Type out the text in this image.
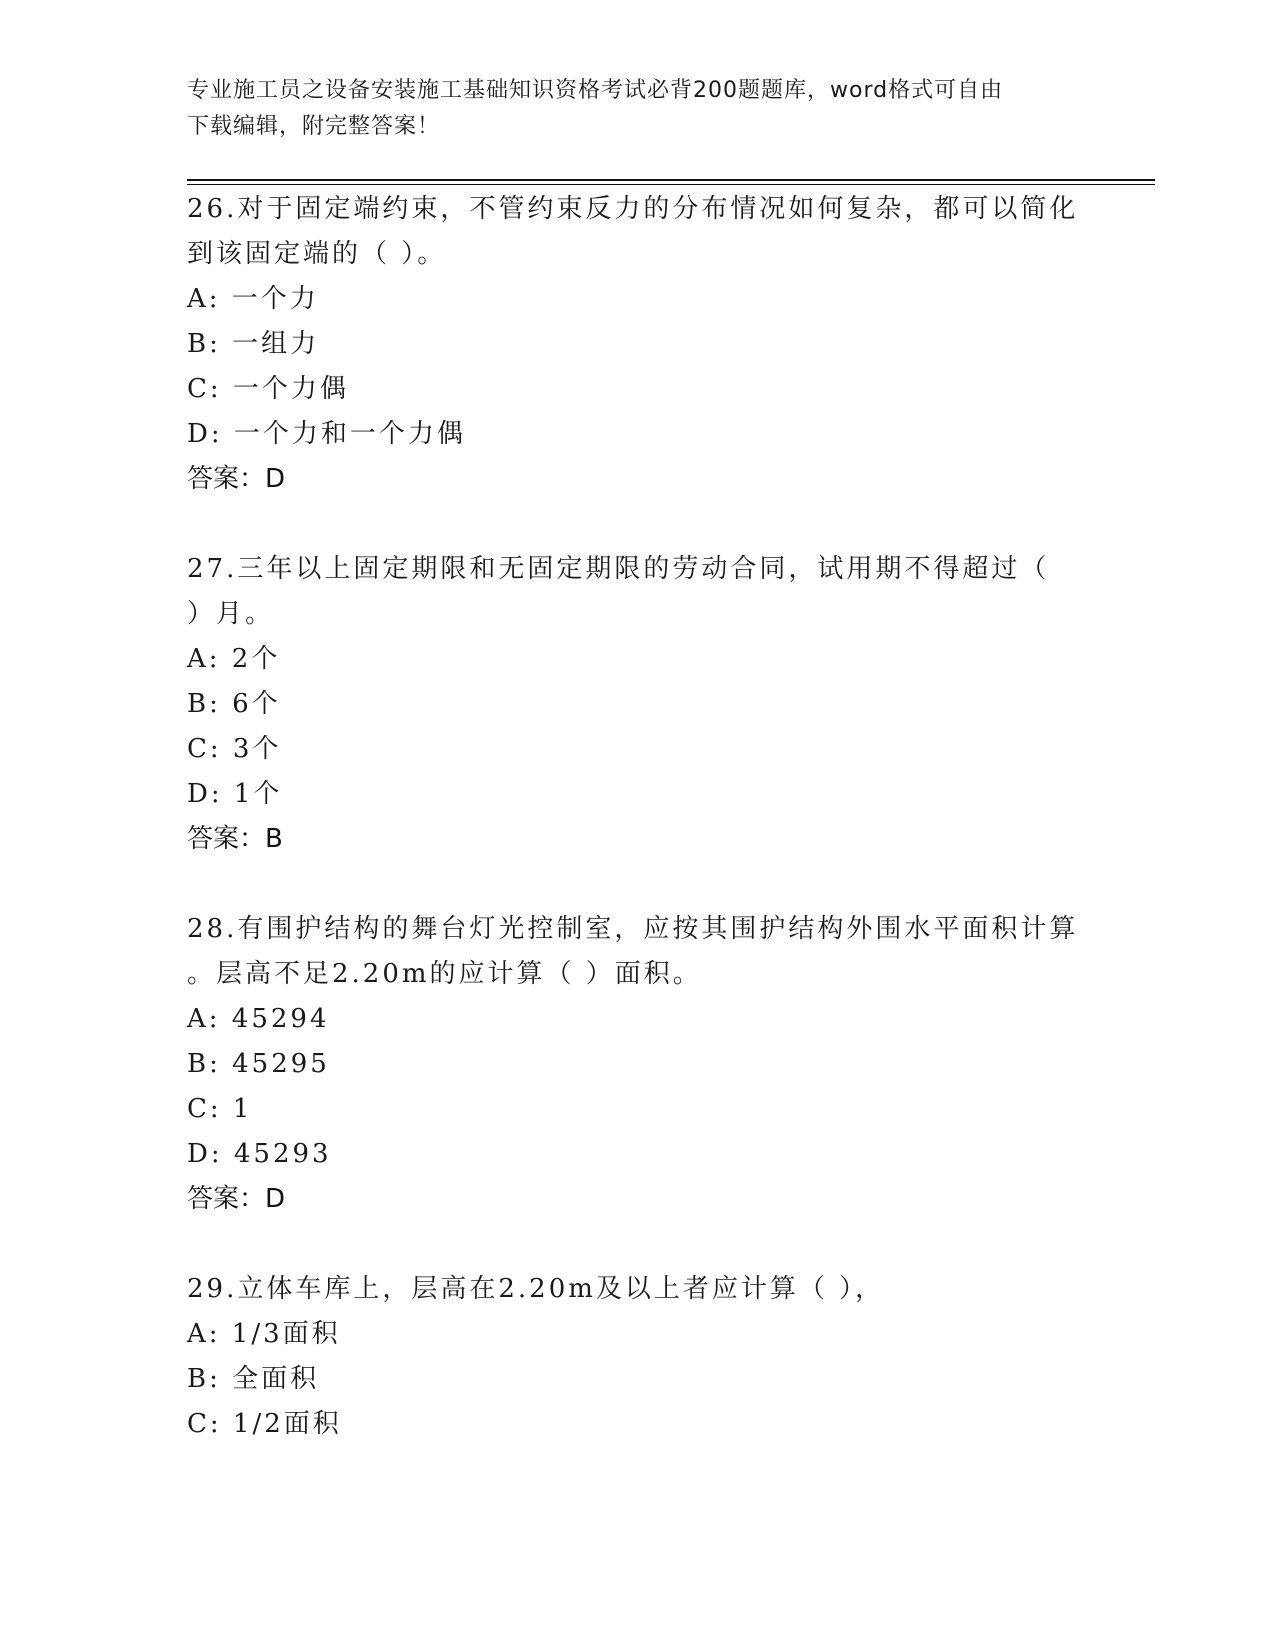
专业施工员之设备安装施工基础知识资格考试必背200题题库，word格式可自由
下载编辑，附完整答案！
26.对于固定端约束，不管约束反力的分布情况如何复杂，都可以简化
到该固定端的（ ）。
A: 一个力
B: 一组力
C: 一个力偶
D: 一个力和一个力偶
答案：D
27.三年以上固定期限和无固定期限的劳动合同，试用期不得超过（
）月。
A: 2个
B: 6个
C: 3个
D: 1个
答案：B
28.有围护结构的舞台灯光控制室，应按其围护结构外围水平面积计算
。层高不足2.20m的应计算（ ）面积。
A: 45294
B: 45295
C: 1
D: 45293
答案：D
29.立体车库上，层高在2.20m及以上者应计算（ ），
A: 1/3面积
B: 全面积
C: 1/2面积
